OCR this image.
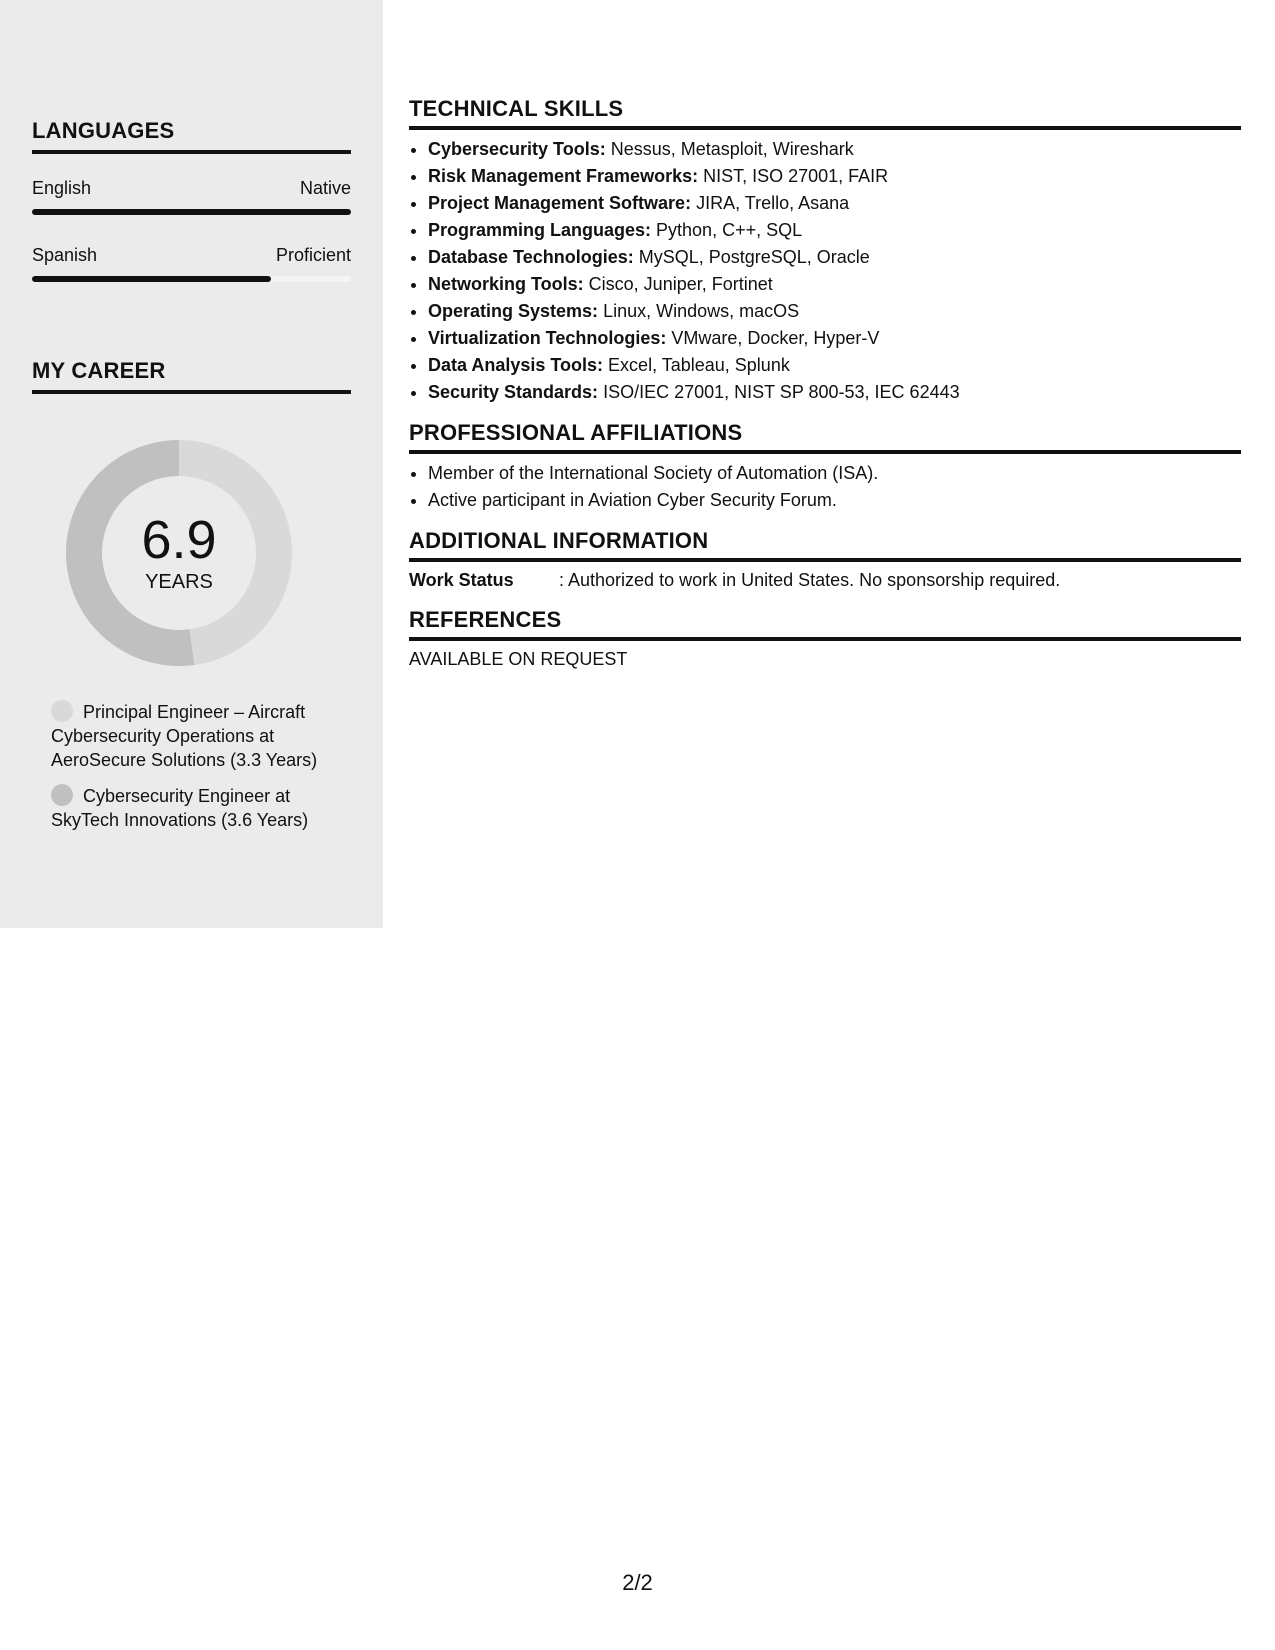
LANGUAGES
English	Native
Spanish	Proficient
MY CAREER
6.9
YEARS
Principal Engineer – Aircraft Cybersecurity Operations at AeroSecure Solutions (3.3 Years)
Cybersecurity Engineer at SkyTech Innovations (3.6 Years)
TECHNICAL SKILLS
• Cybersecurity Tools: Nessus, Metasploit, Wireshark
• Risk Management Frameworks: NIST, ISO 27001, FAIR
• Project Management Software: JIRA, Trello, Asana
• Programming Languages: Python, C++, SQL
• Database Technologies: MySQL, PostgreSQL, Oracle
• Networking Tools: Cisco, Juniper, Fortinet
• Operating Systems: Linux, Windows, macOS
• Virtualization Technologies: VMware, Docker, Hyper-V
• Data Analysis Tools: Excel, Tableau, Splunk
• Security Standards: ISO/IEC 27001, NIST SP 800-53, IEC 62443
PROFESSIONAL AFFILIATIONS
• Member of the International Society of Automation (ISA).
• Active participant in Aviation Cyber Security Forum.
ADDITIONAL INFORMATION
Work Status	: Authorized to work in United States. No sponsorship required.
REFERENCES
AVAILABLE ON REQUEST
2/2
